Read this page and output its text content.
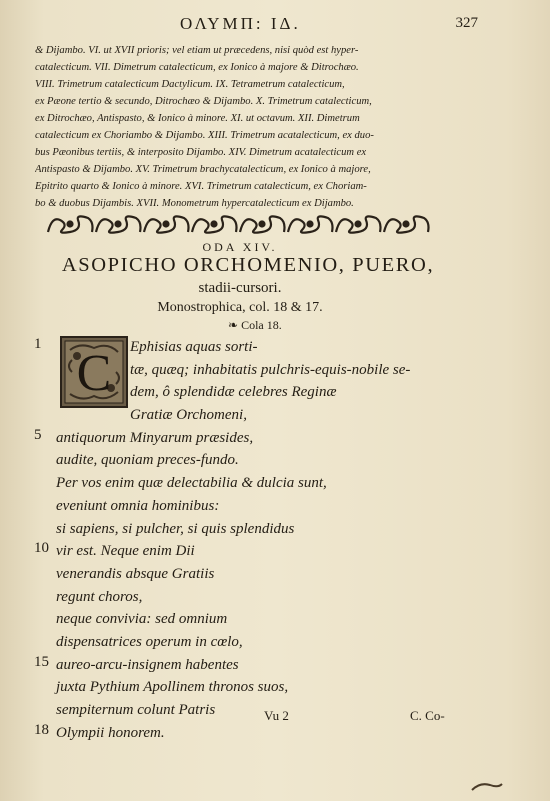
ΟΛΥΜΠ: ΙΔ.	327
& Dijambo. VI. ut XVII prioris; vel etiam ut præcedens, nisi quòd est hyper-
catalecticum. VII. Dimetrum catalecticum, ex Ionico à majore & Ditrochæo.
VIII. Trimetrum catalecticum Dactylicum. IX. Tetrametrum catalecticum,
ex Pæone tertio & secundo, Ditrochæo & Dijambo. X. Trimetrum catalecticum,
ex Ditrochæo, Antispasto, & Ionico à minore. XI. ut octavum. XII. Dimetrum
catalecticum ex Choriambo & Dijambo. XIII. Trimetrum acatalecticum, ex duo-
bus Pæonibus tertiis, & interposito Dijambo. XIV. Dimetrum acatalecticum ex
Antispasto & Dijambo. XV. Trimetrum brachycatalecticum, ex Ionico à majore,
Epitrito quarto & Ionico à minore. XVI. Trimetrum catalecticum, ex Choriam-
bo & duobus Dijambis. XVII. Monometrum hypercatalecticum ex Dijambo.
ODA XIV.
ASOPICHO ORCHOMENIO, PUERO,
stadii-cursori.
Monostrophica, col. 18 & 17.
❧ Cola 18.
C
1
5
10
15
18
Ephisias aquas sorti-
tæ, quæq; inhabitatis pulchris-equis-nobile se-
dem, ô splendidæ celebres Reginæ
Gratiæ Orchomeni,
antiquorum Minyarum præsides,
audite, quoniam preces-fundo.
Per vos enim quæ delectabilia & dulcia sunt,
eveniunt omnia hominibus:
si sapiens, si pulcher, si quis splendidus
vir est. Neque enim Dii
venerandis absque Gratiis
regunt choros,
neque convivia: sed omnium
dispensatrices operum in cœlo,
aureo-arcu-insignem habentes
juxta Pythium Apollinem thronos suos,
sempiternum colunt Patris
Olympii honorem.
Vu 2	C. Co-
